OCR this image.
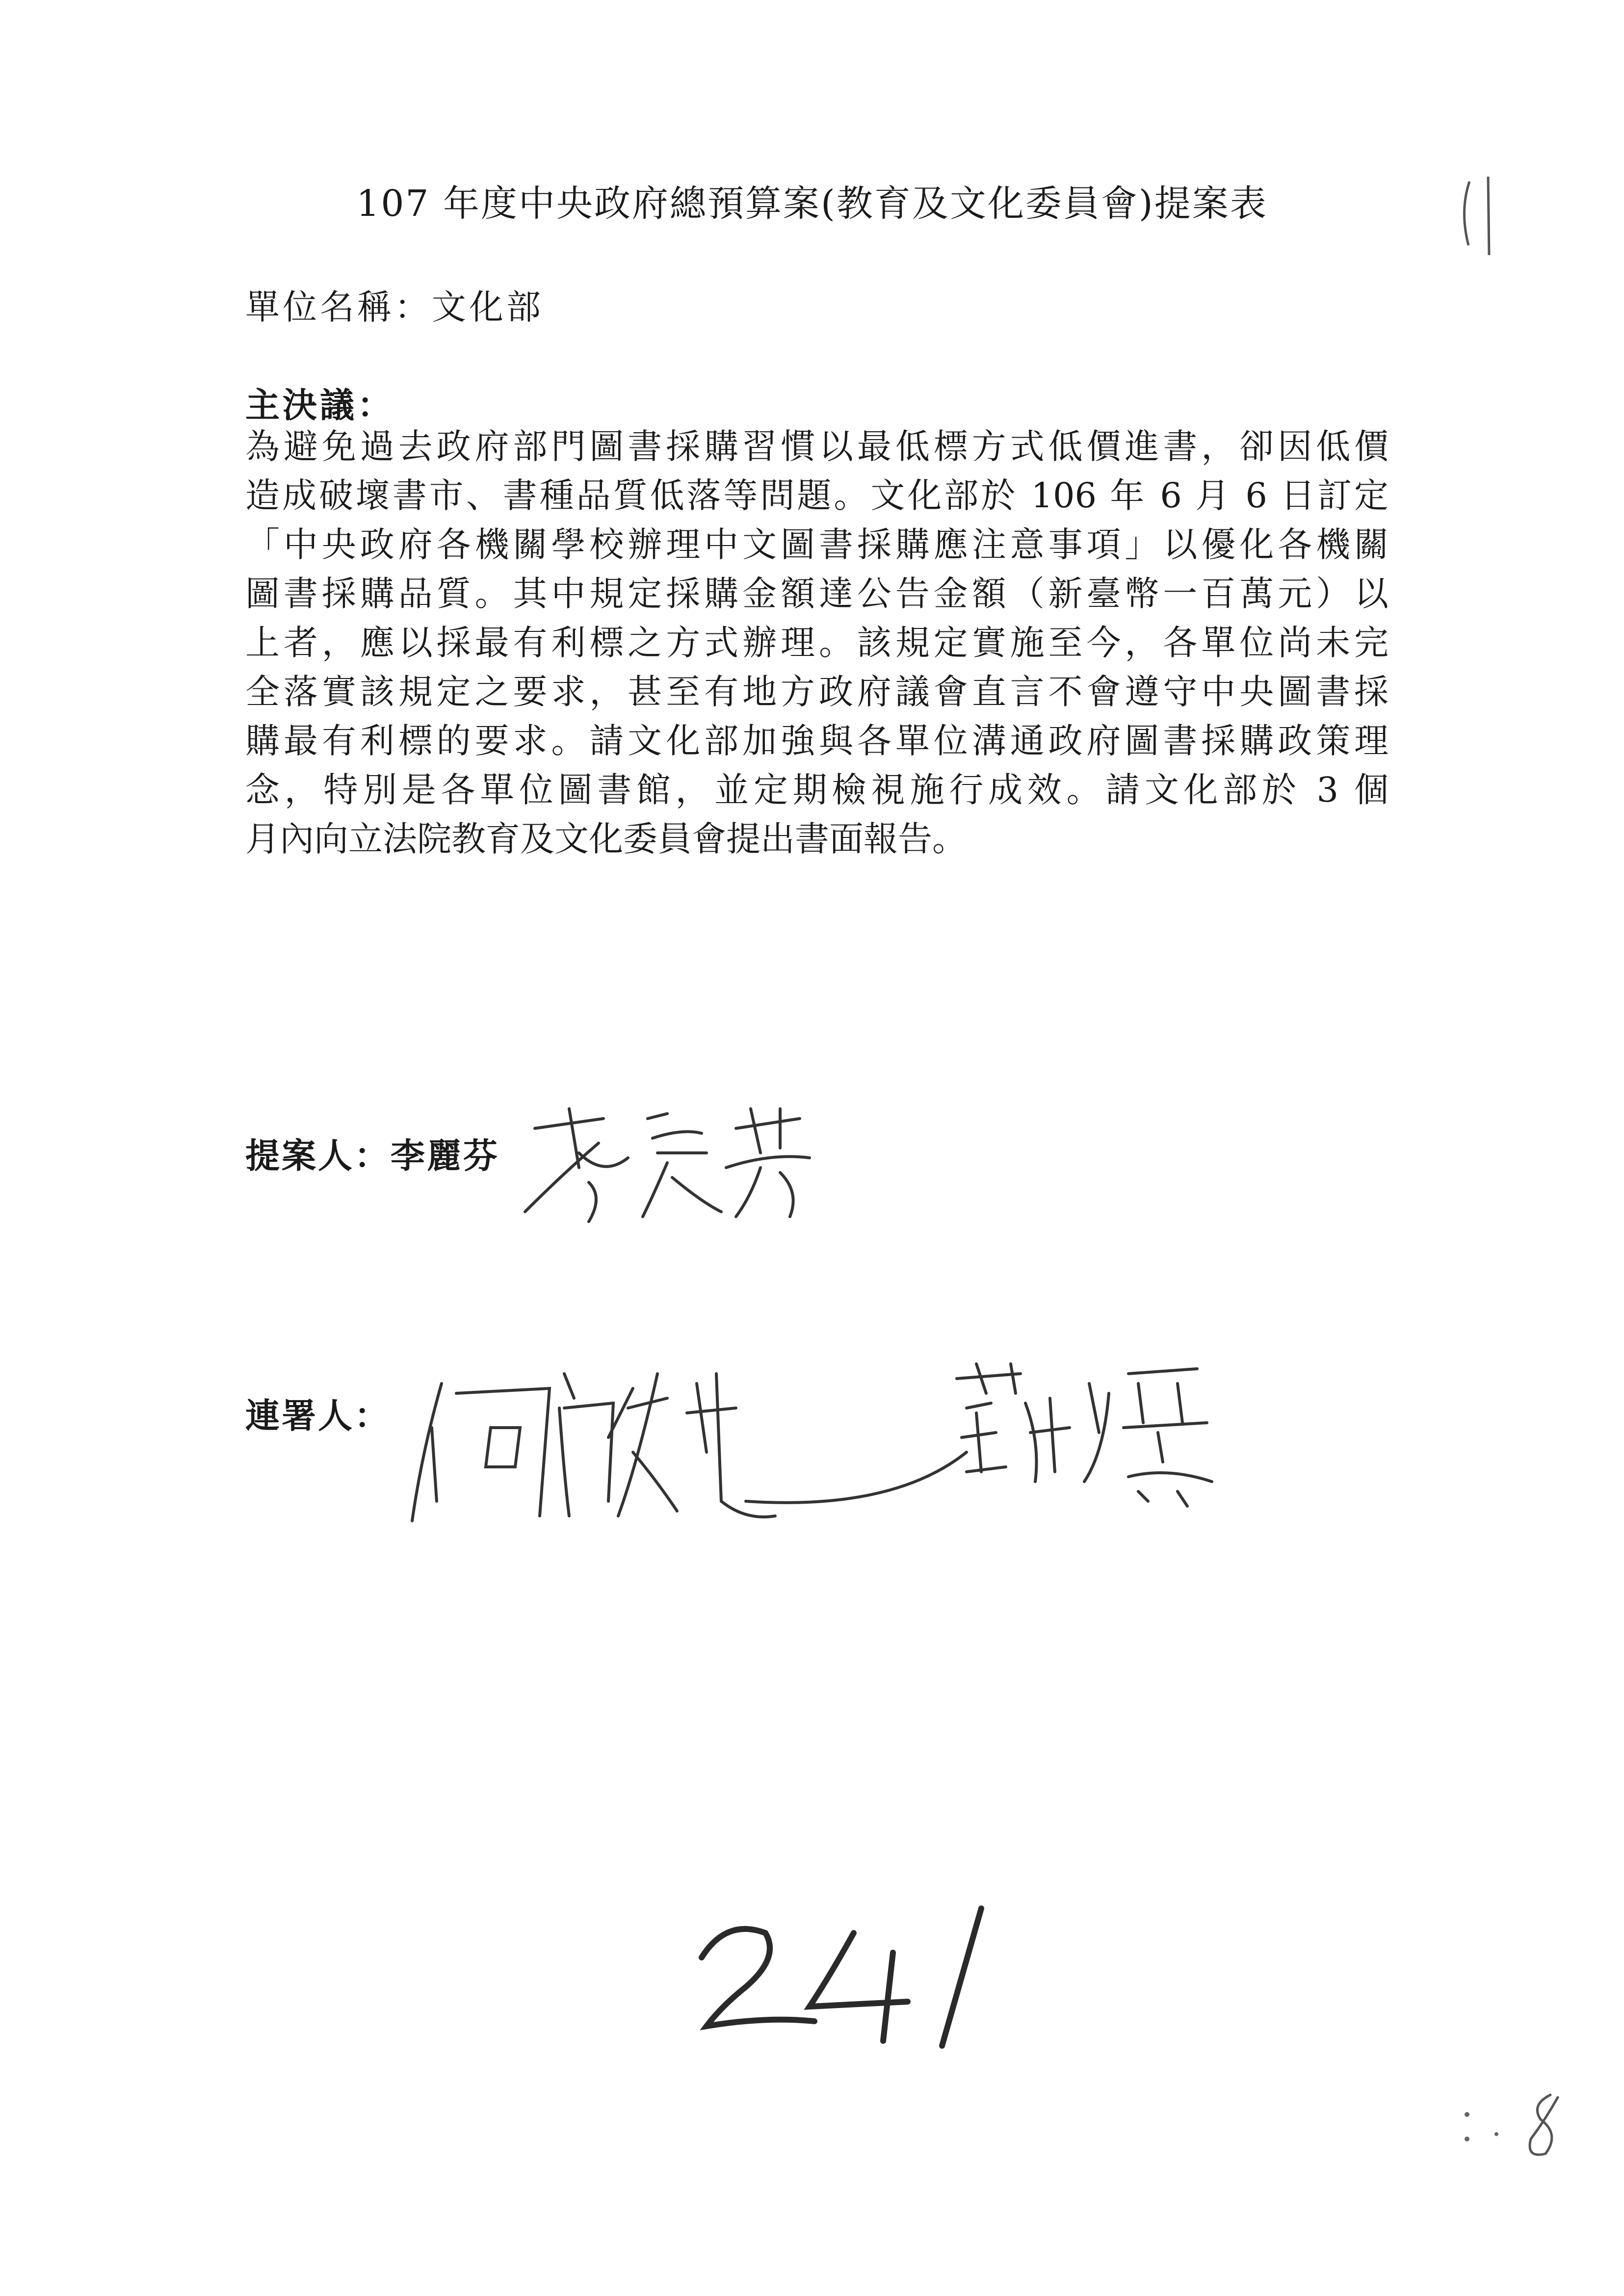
107 年度中央政府總預算案(教育及文化委員會)提案表
單位名稱：文化部
主決議：
為避免過去政府部門圖書採購習慣以最低標方式低價進書，卻因低價
造成破壞書市、書種品質低落等問題。文化部於 106 年 6 月 6 日訂定
「中央政府各機關學校辦理中文圖書採購應注意事項」以優化各機關
圖書採購品質。其中規定採購金額達公告金額（新臺幣一百萬元）以
上者，應以採最有利標之方式辦理。該規定實施至今，各單位尚未完
全落實該規定之要求，甚至有地方政府議會直言不會遵守中央圖書採
購最有利標的要求。請文化部加強與各單位溝通政府圖書採購政策理
念，特別是各單位圖書館，並定期檢視施行成效。請文化部於 3 個
月內向立法院教育及文化委員會提出書面報告。
提案人：李麗芬
連署人：
